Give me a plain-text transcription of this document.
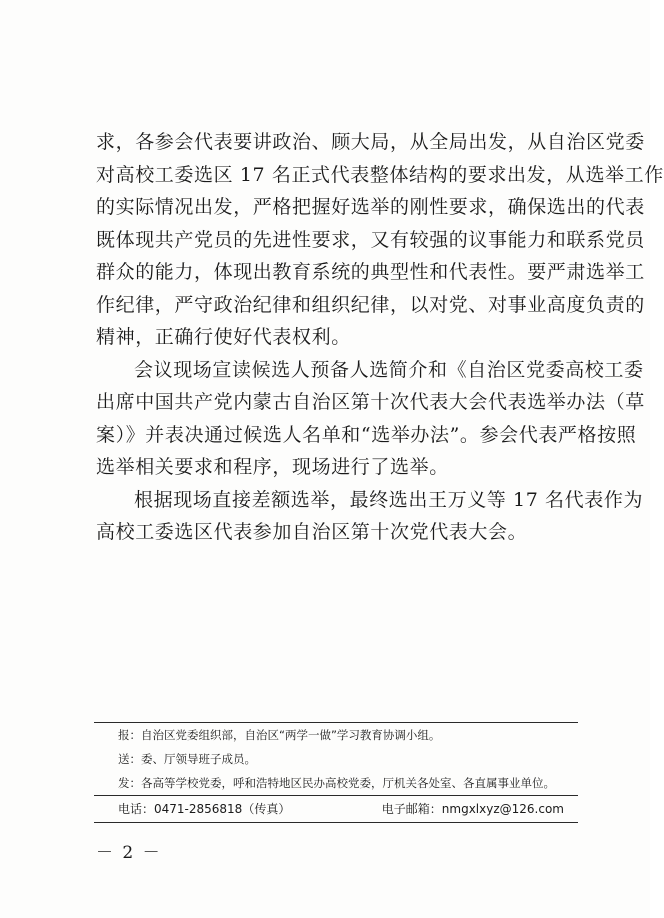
求，各参会代表要讲政治、顾大局，从全局出发，从自治区党委
对高校工委选区 17 名正式代表整体结构的要求出发，从选举工作
的实际情况出发，严格把握好选举的刚性要求，确保选出的代表
既体现共产党员的先进性要求，又有较强的议事能力和联系党员
群众的能力，体现出教育系统的典型性和代表性。要严肃选举工
作纪律，严守政治纪律和组织纪律，以对党、对事业高度负责的
精神，正确行使好代表权利。
会议现场宣读候选人预备人选简介和《自治区党委高校工委
出席中国共产党内蒙古自治区第十次代表大会代表选举办法（草
案）》并表决通过候选人名单和“选举办法”。参会代表严格按照
选举相关要求和程序，现场进行了选举。
根据现场直接差额选举，最终选出王万义等 17 名代表作为
高校工委选区代表参加自治区第十次党代表大会。
报：自治区党委组织部，自治区“两学一做”学习教育协调小组。
送：委、厅领导班子成员。
发：各高等学校党委，呼和浩特地区民办高校党委，厅机关各处室、各直属事业单位。
电话：0471-2856818（传真）	电子邮箱：nmgxlxyz@126.com
－ 2 －
